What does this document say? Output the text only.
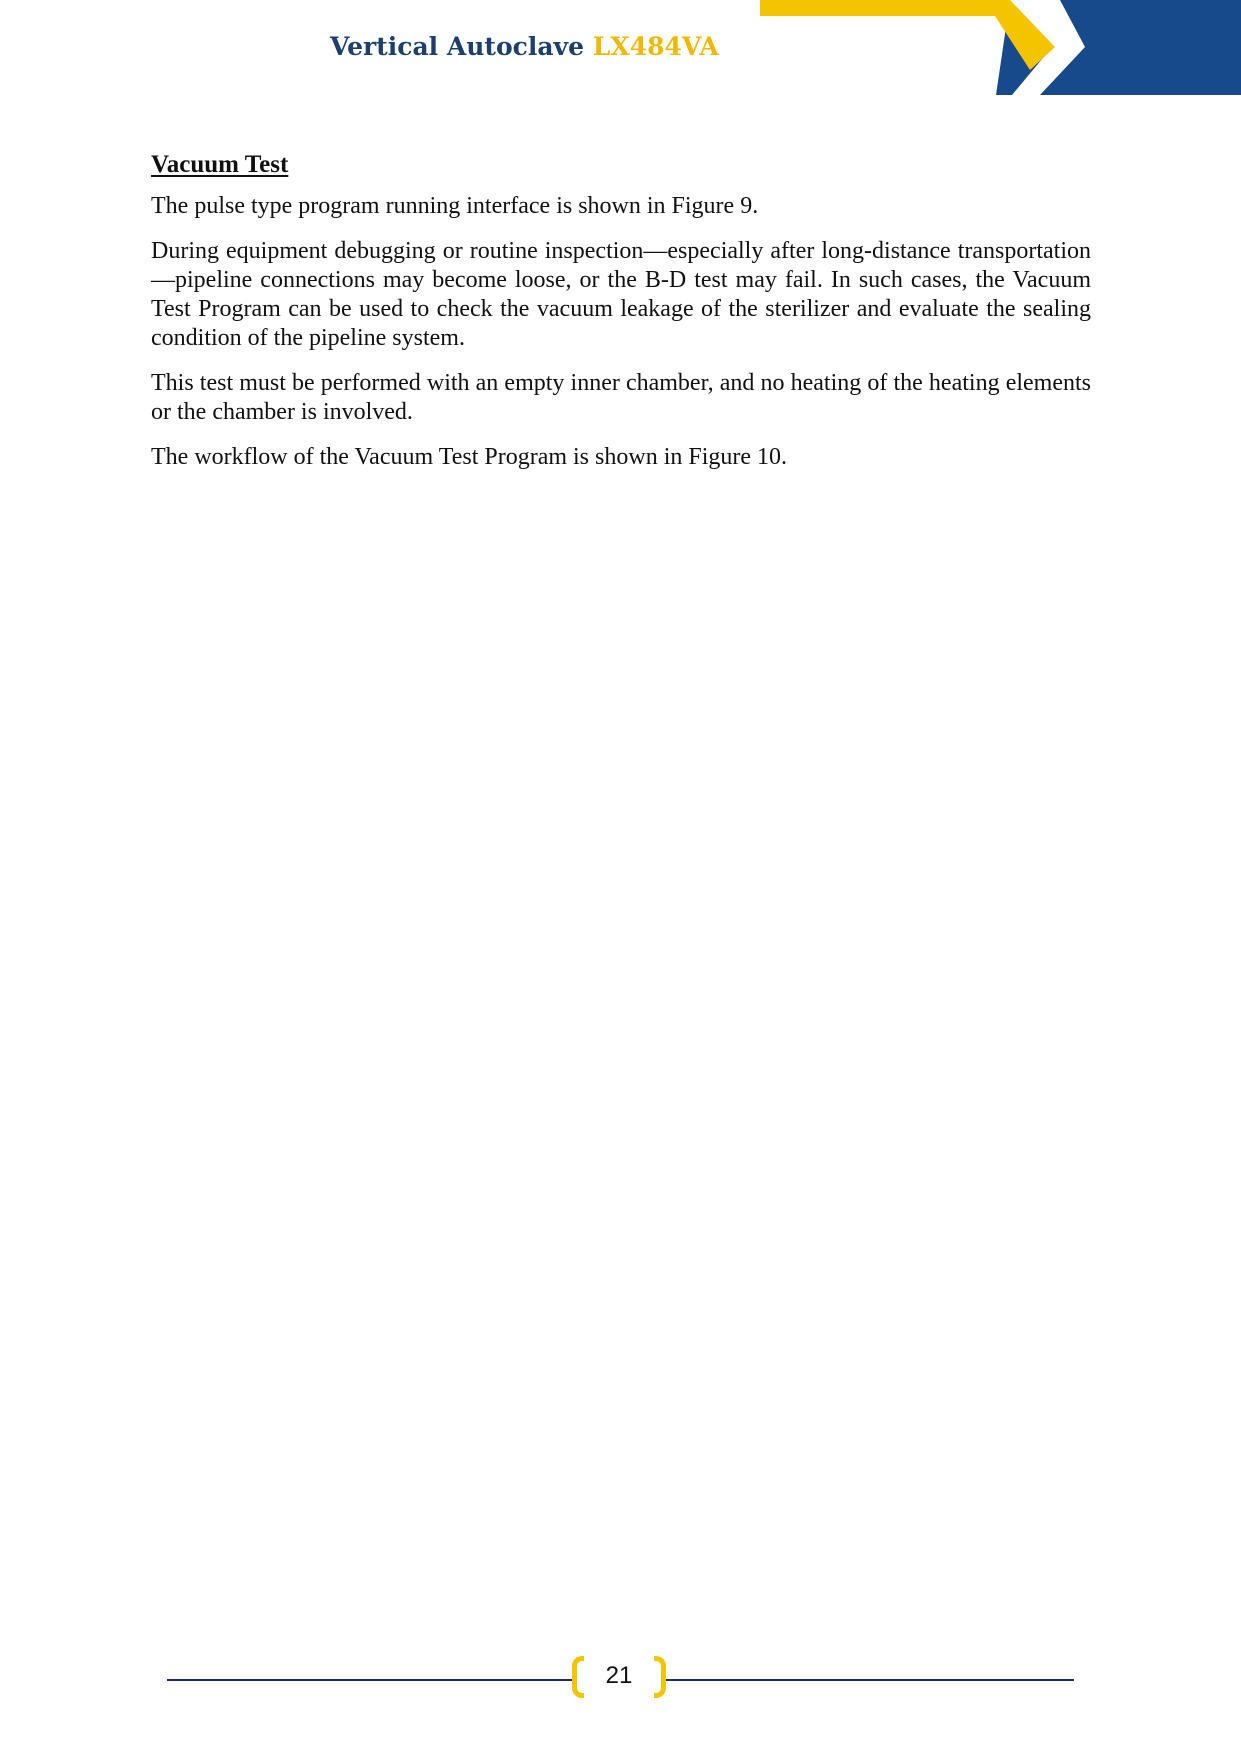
Vertical Autoclave LX484VA
Vacuum Test

The pulse type program running interface is shown in Figure 9.

During equipment debugging or routine inspection—especially after long-distance transportation—pipeline connections may become loose, or the B-D test may fail. In such cases, the Vacuum Test Program can be used to check the vacuum leakage of the sterilizer and evaluate the sealing condition of the pipeline system.

This test must be performed with an empty inner chamber, and no heating of the heating elements or the chamber is involved.

The workflow of the Vacuum Test Program is shown in Figure 10.

21
